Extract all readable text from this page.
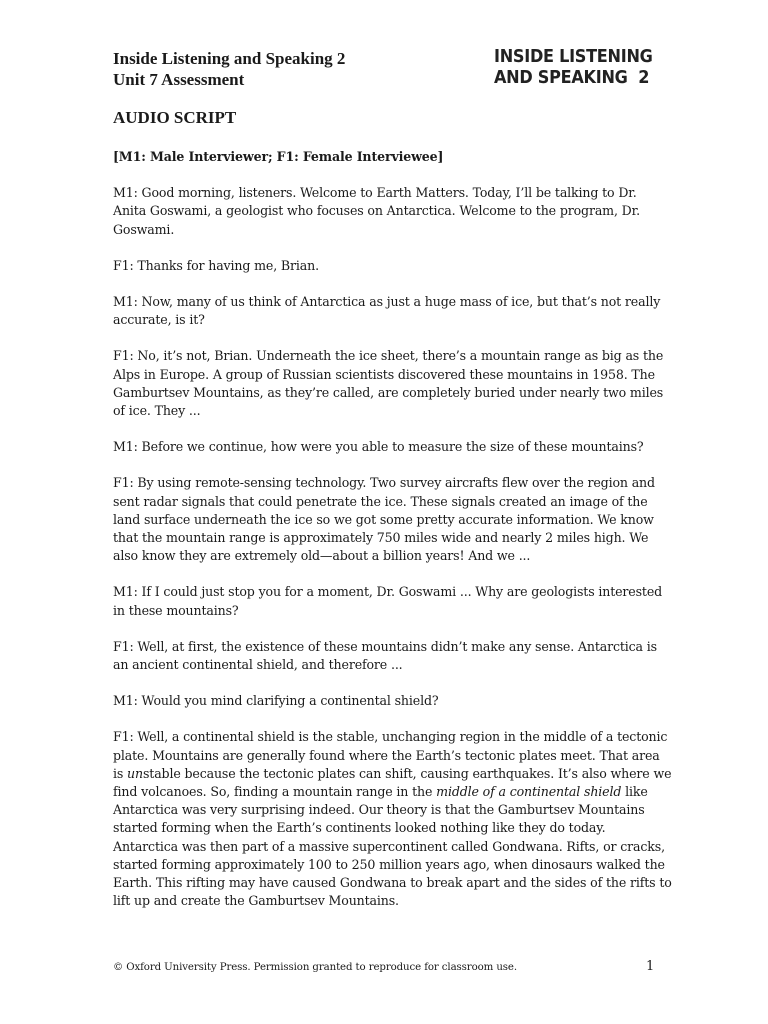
Inside Listening and Speaking 2
Unit 7 Assessment
INSIDE LISTENING
AND SPEAKING  2
AUDIO SCRIPT

[M1: Male Interviewer; F1: Female Interviewee]

M1: Good morning, listeners. Welcome to Earth Matters. Today, I’ll be talking to Dr. Anita Goswami, a geologist who focuses on Antarctica. Welcome to the program, Dr. Goswami.

F1: Thanks for having me, Brian.

M1: Now, many of us think of Antarctica as just a huge mass of ice, but that’s not really accurate, is it?

F1: No, it’s not, Brian. Underneath the ice sheet, there’s a mountain range as big as the Alps in Europe. A group of Russian scientists discovered these mountains in 1958. The Gamburtsev Mountains, as they’re called, are completely buried under nearly two miles of ice. They ...

M1: Before we continue, how were you able to measure the size of these mountains?

F1: By using remote-sensing technology. Two survey aircrafts flew over the region and sent radar signals that could penetrate the ice. These signals created an image of the land surface underneath the ice so we got some pretty accurate information. We know that the mountain range is approximately 750 miles wide and nearly 2 miles high. We also know they are extremely old—about a billion years! And we ...

M1: If I could just stop you for a moment, Dr. Goswami ... Why are geologists interested in these mountains?

F1: Well, at first, the existence of these mountains didn’t make any sense. Antarctica is an ancient continental shield, and therefore ...

M1: Would you mind clarifying a continental shield?

F1: Well, a continental shield is the stable, unchanging region in the middle of a tectonic plate. Mountains are generally found where the Earth’s tectonic plates meet. That area is unstable because the tectonic plates can shift, causing earthquakes. It’s also where we find volcanoes. So, finding a mountain range in the middle of a continental shield like Antarctica was very surprising indeed. Our theory is that the Gamburtsev Mountains started forming when the Earth’s continents looked nothing like they do today. Antarctica was then part of a massive supercontinent called Gondwana. Rifts, or cracks, started forming approximately 100 to 250 million years ago, when dinosaurs walked the Earth. This rifting may have caused Gondwana to break apart and the sides of the rifts to lift up and create the Gamburtsev Mountains.

© Oxford University Press. Permission granted to reproduce for classroom use.	1
